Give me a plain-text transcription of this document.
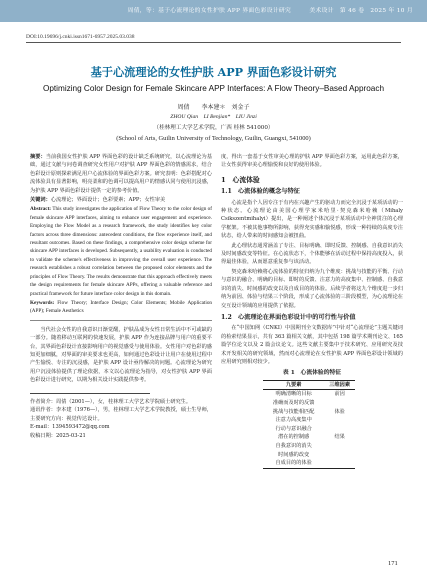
周倩，等：基于心流理论的女性护肤 APP 界面色彩设计研究　　　美术设计　第 46 卷　2025 年 10 月
DOI:10.19696/j.cnki.issn1671-6957.2025.03.038
基于心流理论的女性护肤 APP 界面色彩设计研究
Optimizing Color Design for Female Skincare APP Interfaces: A Flow Theory–Based Approach
周倩　　李本建＊　刘金子
ZHOU Qian　LI Benjian*　LIU Jinzi
（桂林理工大学艺术学院，广西 桂林 541000）
(School of Arts, Guilin University of Technology, Guilin, Guangxi, 541000)

摘要：当前我国女性护肤 APP 界面色彩的设计缺乏系统研究，以心流理论为基础，通过文献与问卷调查研究女性用户对护肤 APP 界面色彩的情感需求，结合色彩设计原则探索满足用户心流体验的界面色彩方案。研究表明：色彩搭配对心流体验具有显著影响，明亮柔和的色调可以提高用户的情感认同与使用沉浸感，为护肤 APP 界面色彩设计提供一定的参考价值。

关键词：心流理论；界面设计；色彩要素；APP；女性审美

Abstract: This study investigates the application of Flow Theory to the color design of female skincare APP interfaces, aiming to enhance user engagement and experience. Employing the Flow Model as a research framework, the study identifies key color factors across three dimensions: antecedent conditions, the flow experience itself, and resultant outcomes. Based on these findings, a comprehensive color design scheme for skincare APP interfaces is developed. Subsequently, a usability evaluation is conducted to validate the scheme's effectiveness in improving the overall user experience. The research establishes a robust correlation between the proposed color elements and the principles of Flow Theory. The results demonstrate that this approach effectively meets the design requirements for female skincare APPs, offering a valuable reference and practical framework for future interface color design in this domain.

Keywords: Flow Theory; Interface Design; Color Elements; Mobile Application (APP); Female Aesthetics

当代社会女性的自我意识日渐觉醒，护肤品成为女性日常生活中不可或缺的一部分。随着移动互联网的快速发展，护肤 APP 作为连接品牌与用户的重要平台，其界面色彩设计直接影响用户的视觉感受与使用体验。女性用户对色彩的感知更加细腻，对界面的审美要求也更高，如何通过色彩设计让用户在使用过程中产生愉悦、专注的沉浸感，是护肤 APP 设计亟待解决的问题。心流理论为研究用户沉浸体验提供了理论依据，本文以心流理论为指导，对女性护肤 APP 界面色彩设计进行研究，以期为相关设计实践提供参考。

作者简介：周倩（2001—），女，桂林理工大学艺术学院硕士研究生。

通讯作者：李本建（1976—），男，桂林理工大学艺术学院教授，硕士生导师，主要研究方向：视觉传达设计。

E-mail：1394593472@qq.com

收稿日期：2025-03-21

度，得出一套基于女性审美心理的护肤 APP 界面色彩方案，运用此色彩方案，让女性获得审美心理愉悦和良好的使用体验。

1　心流体验
1.1　心流体验的概念与特征

心流是指个人因专注于有内在兴趣产生的驱动力而完全沉浸于某项活动的一种状态。心流理论由美国心理学家米哈里·契克森米哈赖（Mihaly Csikszentmihalyi）提出，是一种阐述个体沉浸于某项活动中全神贯注的心理学框架。不被其他事物所影响，获得充实感和愉悦感，形成一种持续的高度专注状态，给人带来的时间感知会被扭曲。

此心理状态通常涵盖了专注、目标明确、即时反馈、控制感、自我意识消失及时间感改变等特征。在心流状态下，个体能够在活动过程中保持高度投入，获得最佳体验，从而愿意重复参与该活动。

契克森米哈赖将心流体验的特征归纳为九个维度：挑战与技能的平衡、行动与意识的融合、明确的目标、即时的反馈、注意力的高度集中、控制感、自我意识的消失、时间感的改变以及自成目的的体验。后续学者将这九个维度进一步归纳为前因、体验与结果三个阶段，形成了心流体验的三阶段模型，为心流理论在交互设计领域的应用提供了依据。

1.2　心流理论在界面色彩设计中的可行性与价值

在“中国知网（CNKI）中国期刊全文数据库”中针对“心流理论”主题关键词的检索结果显示，共有 363 篇相关文献，其中包括 198 篇学术期刊论文、165 篇学位论文以及 2 篇会议论文。这些文献主要集中于技术研究、应用研究及技术开发相关的研究领域，然而对心流理论在女性护肤 APP 界面色彩设计领域的应用研究则相对较少。

表 1　心流体验的特征
九要素	三维因素
明确清晰的目标	前因
准确而及时的反馈	
挑战与技能相匹配	体验
注意力高度集中	
行动与意识融合	
潜在的控制感	结果
自我意识的消失	
时间感的改变	
自成目的的体验	
171
